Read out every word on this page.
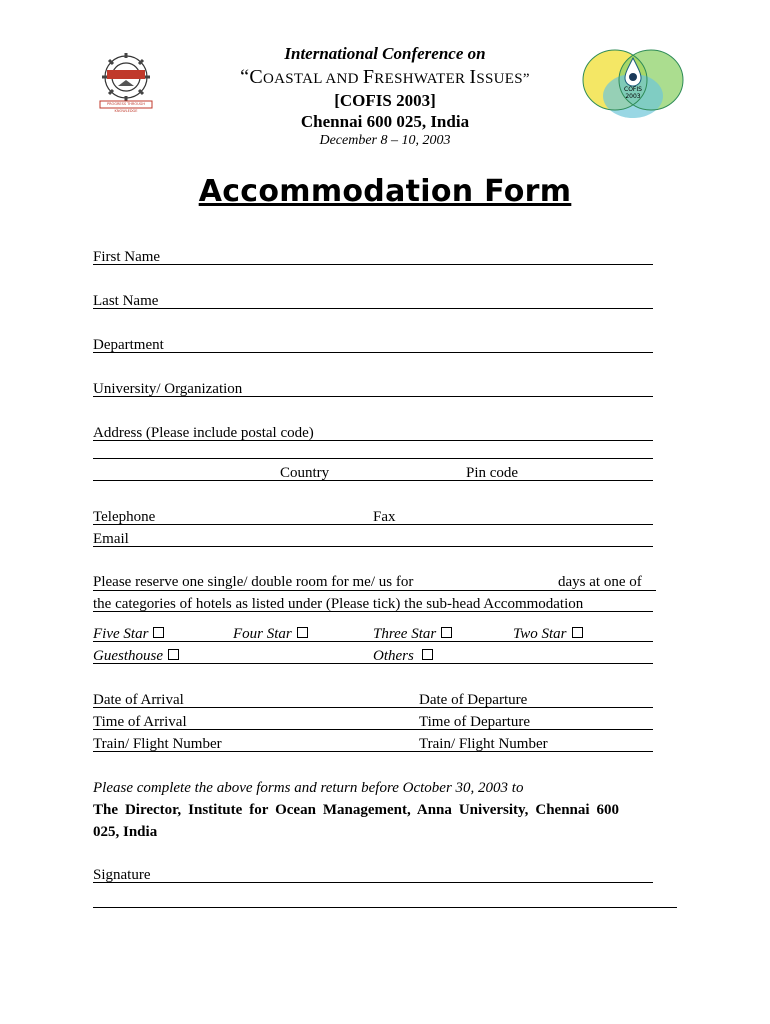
PROGRESS THROUGH KNOWLEDGE
COFIS 2003
International Conference on
“COASTAL AND FRESHWATER ISSUES”
[COFIS 2003]
Chennai 600 025, India
December 8 – 10, 2003
Accommodation Form
First Name
Last Name
Department
University/ Organization
Address (Please include postal code)
Country	Pin code
Telephone	Fax
Email
Please reserve one single/ double room for me/ us for	days at one of
the categories of hotels as listed under (Please tick) the sub-head Accommodation
Five Star	Four Star	Three Star	Two Star
Guesthouse	Others
Date of Arrival	Date of Departure
Time of Arrival	Time of Departure
Train/ Flight Number	Train/ Flight Number
Please complete the above forms and return before October 30, 2003 to
The Director, Institute for Ocean Management, Anna University, Chennai 600
025, India
Signature
